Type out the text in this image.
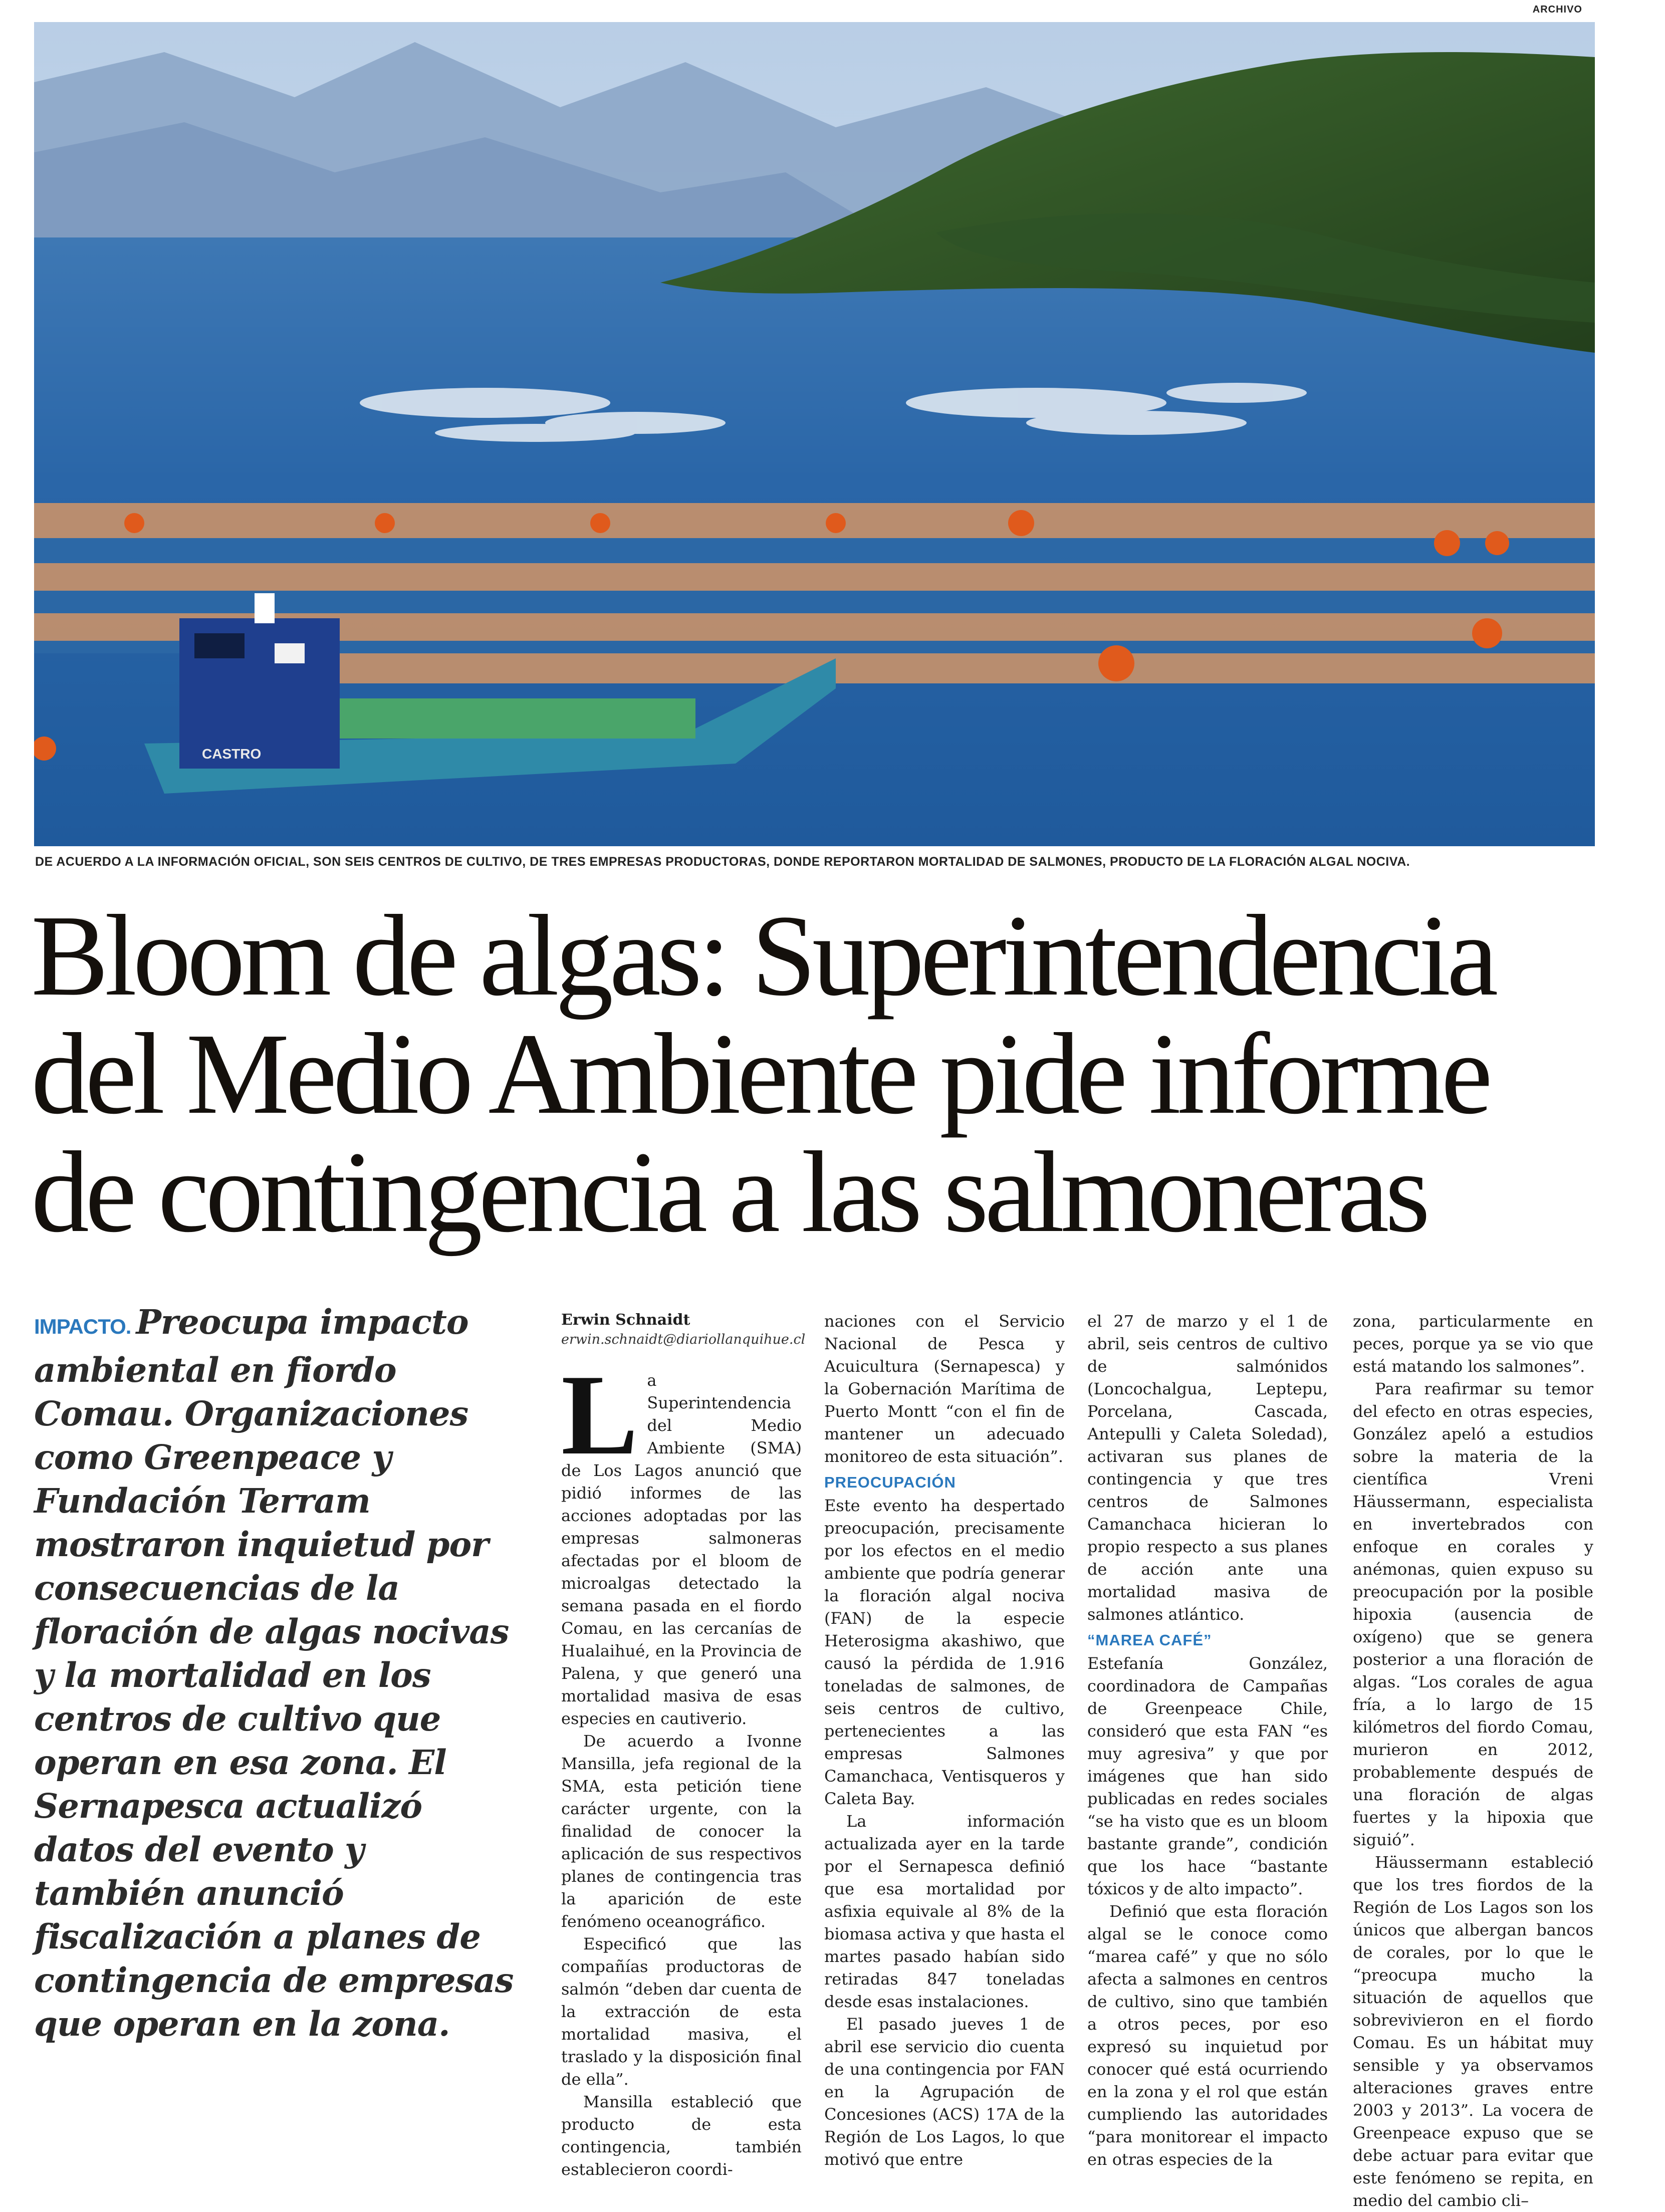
ARCHIVO
CASTRO
DE ACUERDO A LA INFORMACIÓN OFICIAL, SON SEIS CENTROS DE CULTIVO, DE TRES EMPRESAS PRODUCTORAS, DONDE REPORTARON MORTALIDAD DE SALMONES, PRODUCTO DE LA FLORACIÓN ALGAL NOCIVA.
Bloom de algas: Superintendencia
del Medio Ambiente pide informe
de contingencia a las salmoneras
IMPACTO. Preocupa impacto ambiental en fiordo Comau. Organizaciones como Greenpeace y Fundación Terram mostraron inquietud por consecuencias de la floración de algas nocivas y la mortalidad en los centros de cultivo que operan en esa zona. El Sernapesca actualizó datos del evento y también anunció fiscalización a planes de contingencia de empresas que operan en la zona.
Erwin Schnaidt
erwin.schnaidt@diariollanquihue.cl

La Superintendencia del Medio Ambiente (SMA) de Los Lagos anunció que pidió informes de las acciones adoptadas por las empresas salmoneras afectadas por el bloom de microalgas detectado la semana pasada en el fiordo Comau, en las cercanías de Hualaihué, en la Provincia de Palena, y que generó una mortalidad masiva de esas especies en cautiverio.

De acuerdo a Ivonne Mansilla, jefa regional de la SMA, esta petición tiene carácter urgente, con la finalidad de conocer la aplicación de sus respectivos planes de contingencia tras la aparición de este fenómeno oceanográfico.

Especificó que las compañías productoras de salmón “deben dar cuenta de la extracción de esta mortalidad masiva, el traslado y la disposición final de ella”.

Mansilla estableció que producto de esta contingencia, también establecieron coordi-

naciones con el Servicio Nacional de Pesca y Acuicultura (Sernapesca) y la Gobernación Marítima de Puerto Montt “con el fin de mantener un adecuado monitoreo de esta situación”.

PREOCUPACIÓN

Este evento ha despertado preocupación, precisamente por los efectos en el medio ambiente que podría generar la floración algal nociva (FAN) de la especie Heterosigma akashiwo, que causó la pérdida de 1.916 toneladas de salmones, de seis centros de cultivo, pertenecientes a las empresas Salmones Camanchaca, Ventisqueros y Caleta Bay.

La información actualizada ayer en la tarde por el Sernapesca definió que esa mortalidad por asfixia equivale al 8% de la biomasa activa y que hasta el martes pasado habían sido retiradas 847 toneladas desde esas instalaciones.

El pasado jueves 1 de abril ese servicio dio cuenta de una contingencia por FAN en la Agrupación de Concesiones (ACS) 17A de la Región de Los Lagos, lo que motivó que entre

el 27 de marzo y el 1 de abril, seis centros de cultivo de salmónidos (Loncochalgua, Leptepu, Porcelana, Cascada, Antepulli y Caleta Soledad), activaran sus planes de contingencia y que tres centros de Salmones Camanchaca hicieran lo propio respecto a sus planes de acción ante una mortalidad masiva de salmones atlántico.

“MAREA CAFÉ”

Estefanía González, coordinadora de Campañas de Greenpeace Chile, consideró que esta FAN “es muy agresiva” y que por imágenes que han sido publicadas en redes sociales “se ha visto que es un bloom bastante grande”, condición que los hace “bastante tóxicos y de alto impacto”.

Definió que esta floración algal se le conoce como “marea café” y que no sólo afecta a salmones en centros de cultivo, sino que también a otros peces, por eso expresó su inquietud por conocer qué está ocurriendo en la zona y el rol que están cumpliendo las autoridades “para monitorear el impacto en otras especies de la

zona, particularmente en peces, porque ya se vio que está matando los salmones”.

Para reafirmar su temor del efecto en otras especies, González apeló a estudios sobre la materia de la científica Vreni Häussermann, especialista en invertebrados con enfoque en corales y anémonas, quien expuso su preocupación por la posible hipoxia (ausencia de oxígeno) que se genera posterior a una floración de algas. “Los corales de agua fría, a lo largo de 15 kilómetros del fiordo Comau, murieron en 2012, probablemente después de una floración de algas fuertes y la hipoxia que siguió”.

Häussermann estableció que los tres fiordos de la Región de Los Lagos son los únicos que albergan bancos de corales, por lo que le “preocupa mucho la situación de aquellos que sobrevivieron en el fiordo Comau. Es un hábitat muy sensible y ya observamos alteraciones graves entre 2003 y 2013”. La vocera de Greenpeace expuso que se debe actuar para evitar que este fenómeno se repita, en medio del cambio cli–
